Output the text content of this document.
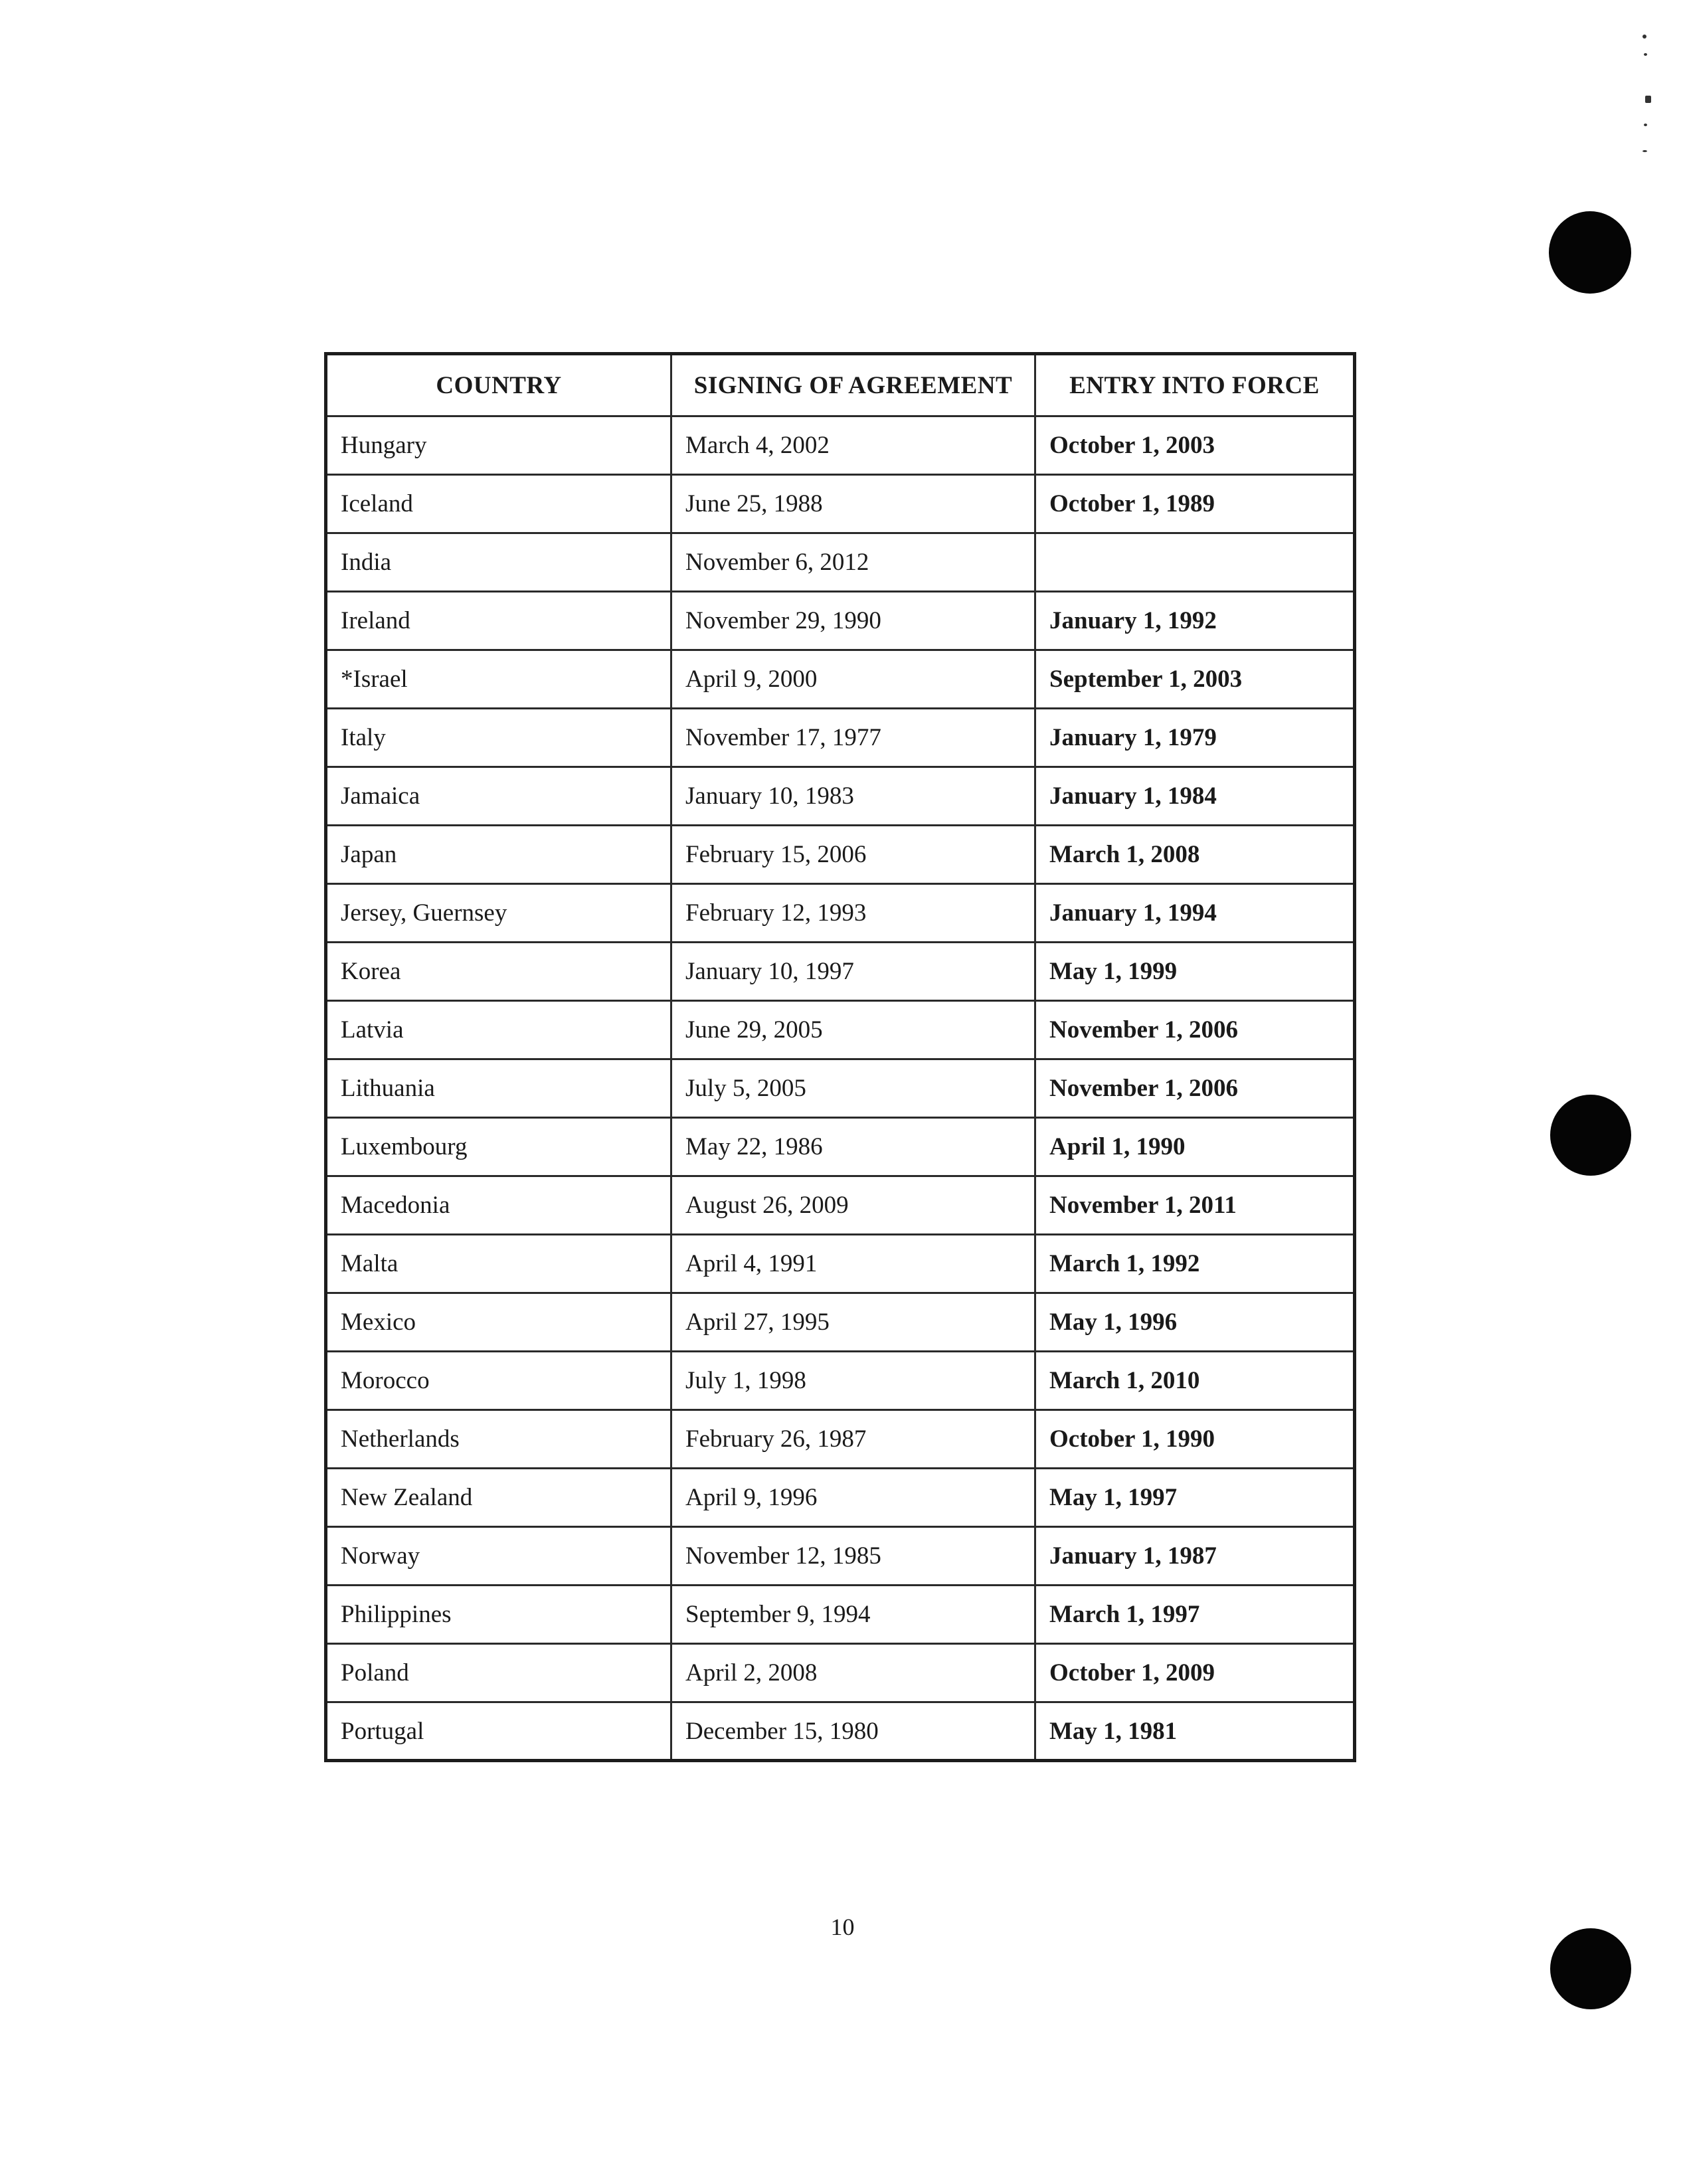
COUNTRY	SIGNING OF AGREEMENT	ENTRY INTO FORCE
Hungary	March 4, 2002	October 1, 2003
Iceland	June 25, 1988	October 1, 1989
India	November 6, 2012	
Ireland	November 29, 1990	January 1, 1992
*Israel	April 9, 2000	September 1, 2003
Italy	November 17, 1977	January 1, 1979
Jamaica	January 10, 1983	January 1, 1984
Japan	February 15, 2006	March 1, 2008
Jersey, Guernsey	February 12, 1993	January 1, 1994
Korea	January 10, 1997	May 1, 1999
Latvia	June 29, 2005	November 1, 2006
Lithuania	July 5, 2005	November 1, 2006
Luxembourg	May 22, 1986	April 1, 1990
Macedonia	August 26, 2009	November 1, 2011
Malta	April 4, 1991	March 1, 1992
Mexico	April 27, 1995	May 1, 1996
Morocco	July 1, 1998	March 1, 2010
Netherlands	February 26, 1987	October 1, 1990
New Zealand	April 9, 1996	May 1, 1997
Norway	November 12, 1985	January 1, 1987
Philippines	September 9, 1994	March 1, 1997
Poland	April 2, 2008	October 1, 2009
Portugal	December 15, 1980	May 1, 1981
10
